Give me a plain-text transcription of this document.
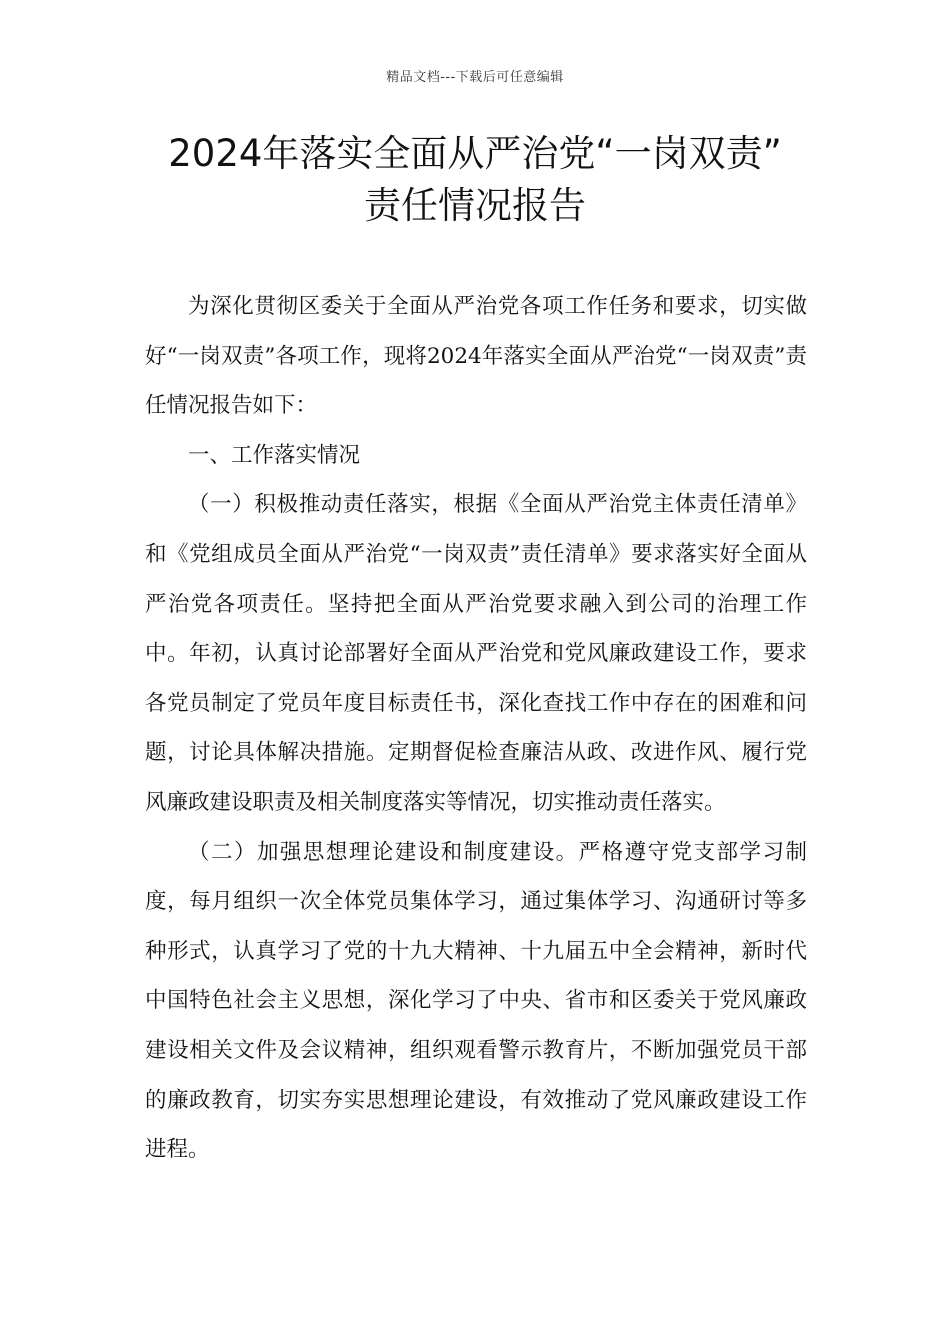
精品文档---下载后可任意编辑
2024年落实全面从严治党“一岗双责”
责任情况报告

为深化贯彻区委关于全面从严治党各项工作任务和要求，切实做好“一岗双责”各项工作，现将2024年落实全面从严治党“一岗双责”责任情况报告如下：

一、工作落实情况

（一）积极推动责任落实，根据《全面从严治党主体责任清单》和《党组成员全面从严治党“一岗双责”责任清单》要求落实好全面从严治党各项责任。坚持把全面从严治党要求融入到公司的治理工作中。年初，认真讨论部署好全面从严治党和党风廉政建设工作，要求各党员制定了党员年度目标责任书，深化查找工作中存在的困难和问题，讨论具体解决措施。定期督促检查廉洁从政、改进作风、履行党风廉政建设职责及相关制度落实等情况，切实推动责任落实。

（二）加强思想理论建设和制度建设。严格遵守党支部学习制度，每月组织一次全体党员集体学习，通过集体学习、沟通研讨等多种形式，认真学习了党的十九大精神、十九届五中全会精神，新时代中国特色社会主义思想，深化学习了中央、省市和区委关于党风廉政建设相关文件及会议精神，组织观看警示教育片，不断加强党员干部的廉政教育，切实夯实思想理论建设，有效推动了党风廉政建设工作进程。
